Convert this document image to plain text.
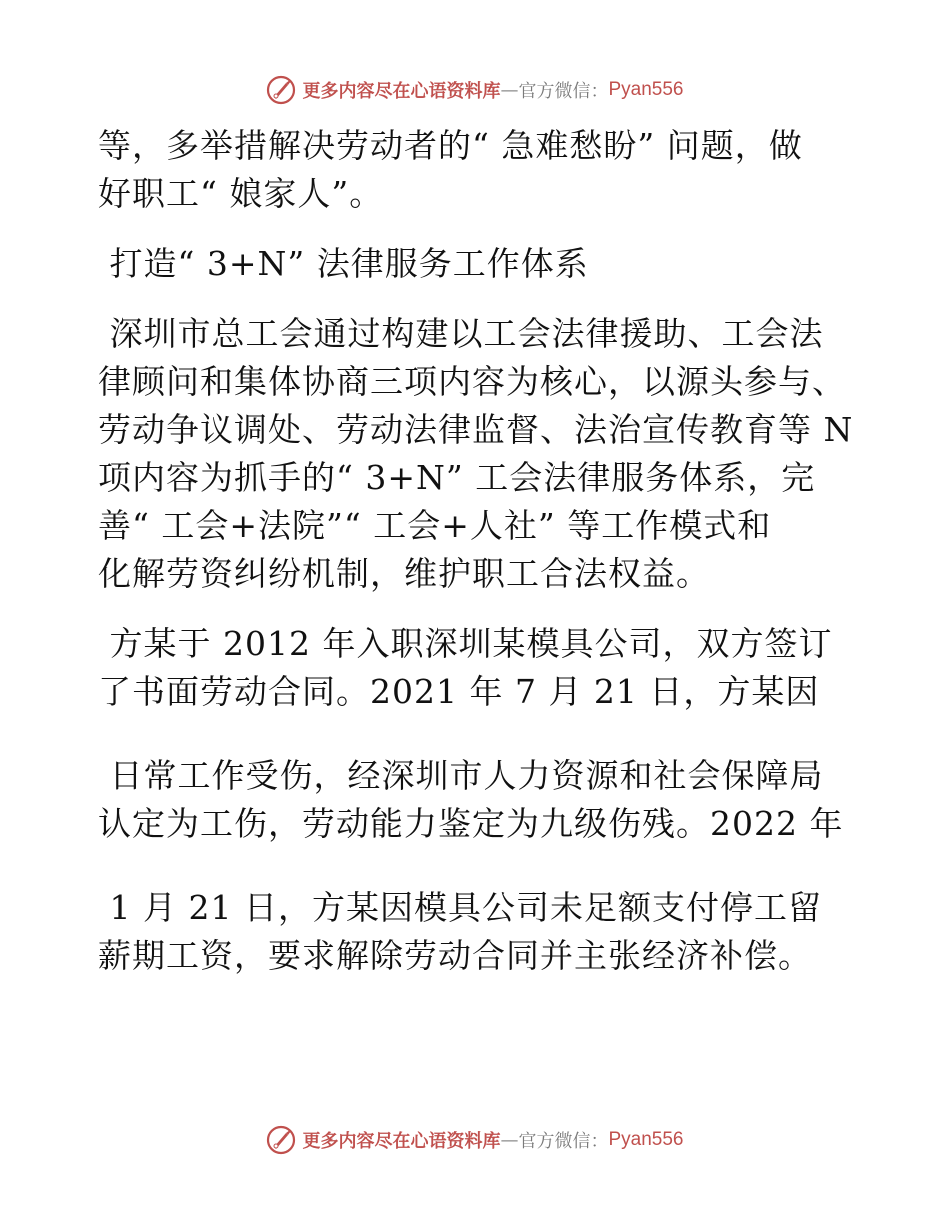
更多内容尽在心语资料库 — 官方微信： Pyan556

等，多举措解决劳动者的“ 急难愁盼” 问题，做

好职工“ 娘家人”。

打造“ 3+N” 法律服务工作体系

深圳市总工会通过构建以工会法律援助、工会法

律顾问和集体协商三项内容为核心，以源头参与、

劳动争议调处、劳动法律监督、法治宣传教育等 N

项内容为抓手的“ 3+N” 工会法律服务体系，完

善“ 工会+法院”“ 工会+人社” 等工作模式和

化解劳资纠纷机制，维护职工合法权益。

方某于 2012 年入职深圳某模具公司，双方签订

了书面劳动合同。2021 年 7 月 21 日，方某因

日常工作受伤，经深圳市人力资源和社会保障局

认定为工伤，劳动能力鉴定为九级伤残。2022 年

1 月 21 日，方某因模具公司未足额支付停工留

薪期工资，要求解除劳动合同并主张经济补偿。

更多内容尽在心语资料库 — 官方微信： Pyan556
